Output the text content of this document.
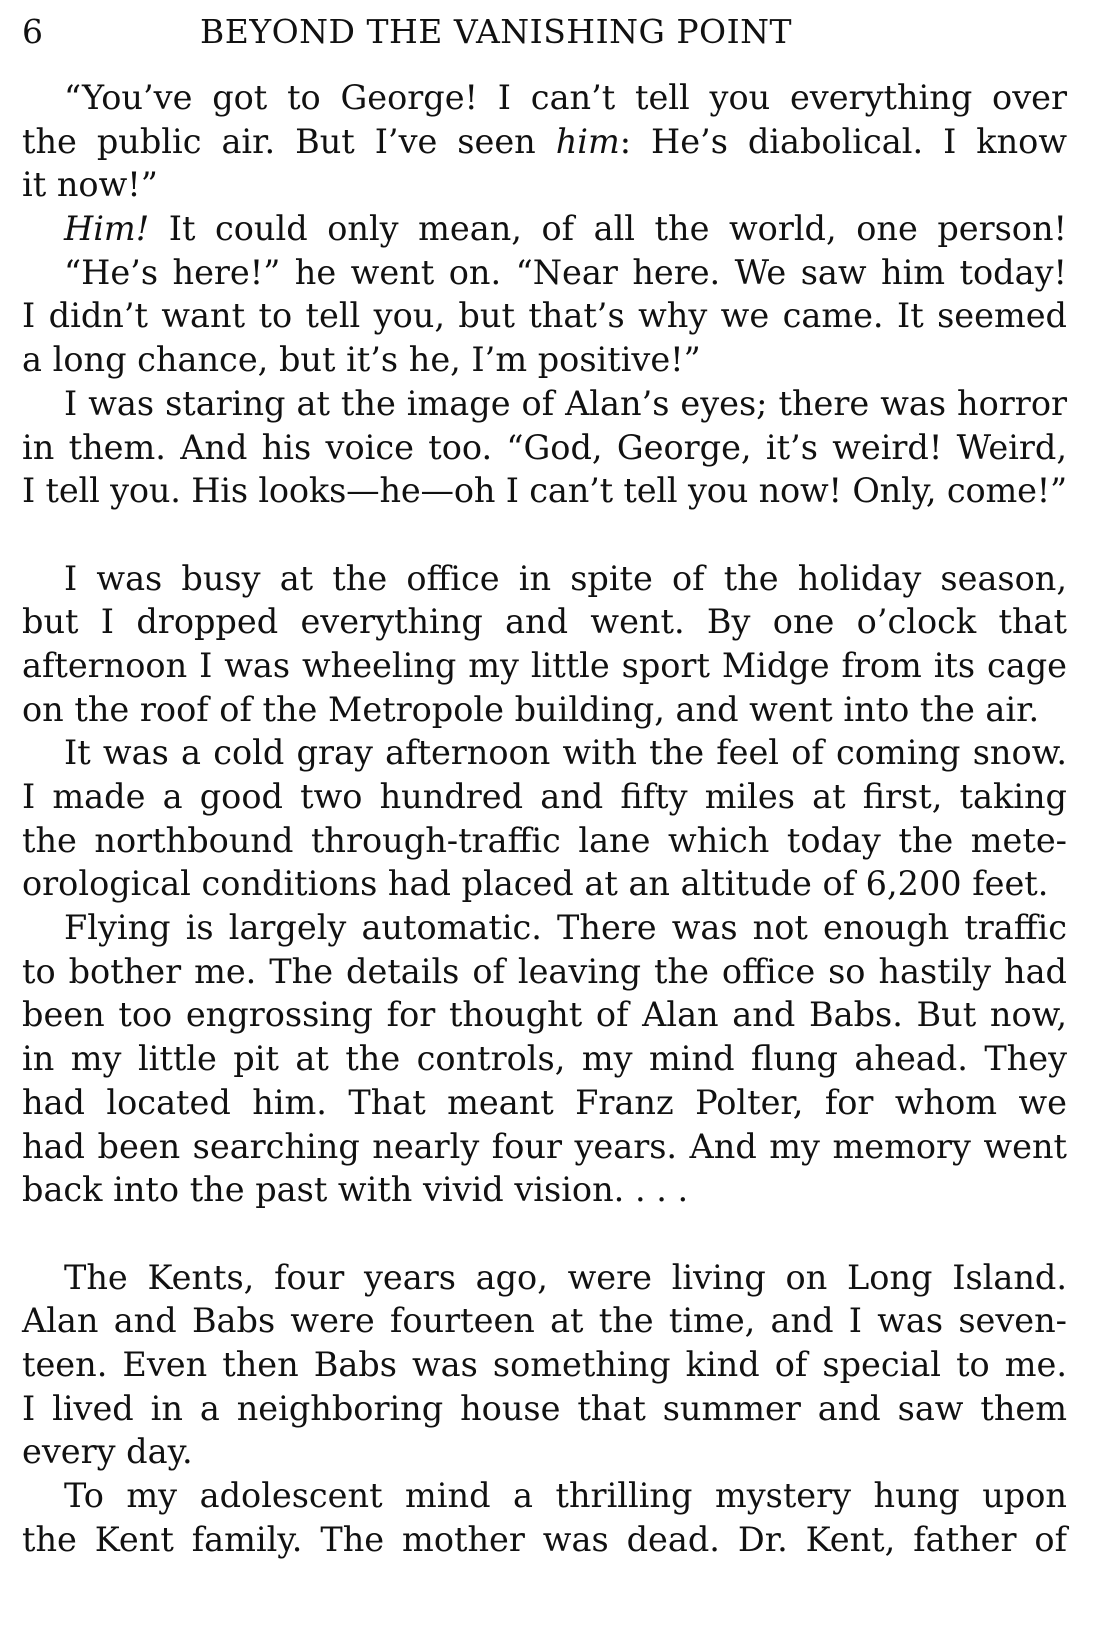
6	BEYOND THE VANISHING POINT
“You’ve got to George! I can’t tell you everything over
the public air. But I’ve seen him: He’s diabolical. I know
it now!”
Him! It could only mean, of all the world, one person!
“He’s here!” he went on. “Near here. We saw him today!
I didn’t want to tell you, but that’s why we came. It seemed
a long chance, but it’s he, I’m positive!”
I was staring at the image of Alan’s eyes; there was horror
in them. And his voice too. “God, George, it’s weird! Weird,
I tell you. His looks—he—oh I can’t tell you now! Only, come!”
I was busy at the office in spite of the holiday season,
but I dropped everything and went. By one o’clock that
afternoon I was wheeling my little sport Midge from its cage
on the roof of the Metropole building, and went into the air.
It was a cold gray afternoon with the feel of coming snow.
I made a good two hundred and fifty miles at first, taking
the northbound through-traffic lane which today the mete-
orological conditions had placed at an altitude of 6,200 feet.
Flying is largely automatic. There was not enough traffic
to bother me. The details of leaving the office so hastily had
been too engrossing for thought of Alan and Babs. But now,
in my little pit at the controls, my mind flung ahead. They
had located him. That meant Franz Polter, for whom we
had been searching nearly four years. And my memory went
back into the past with vivid vision. . . .
The Kents, four years ago, were living on Long Island.
Alan and Babs were fourteen at the time, and I was seven-
teen. Even then Babs was something kind of special to me.
I lived in a neighboring house that summer and saw them
every day.
To my adolescent mind a thrilling mystery hung upon
the Kent family. The mother was dead. Dr. Kent, father of
